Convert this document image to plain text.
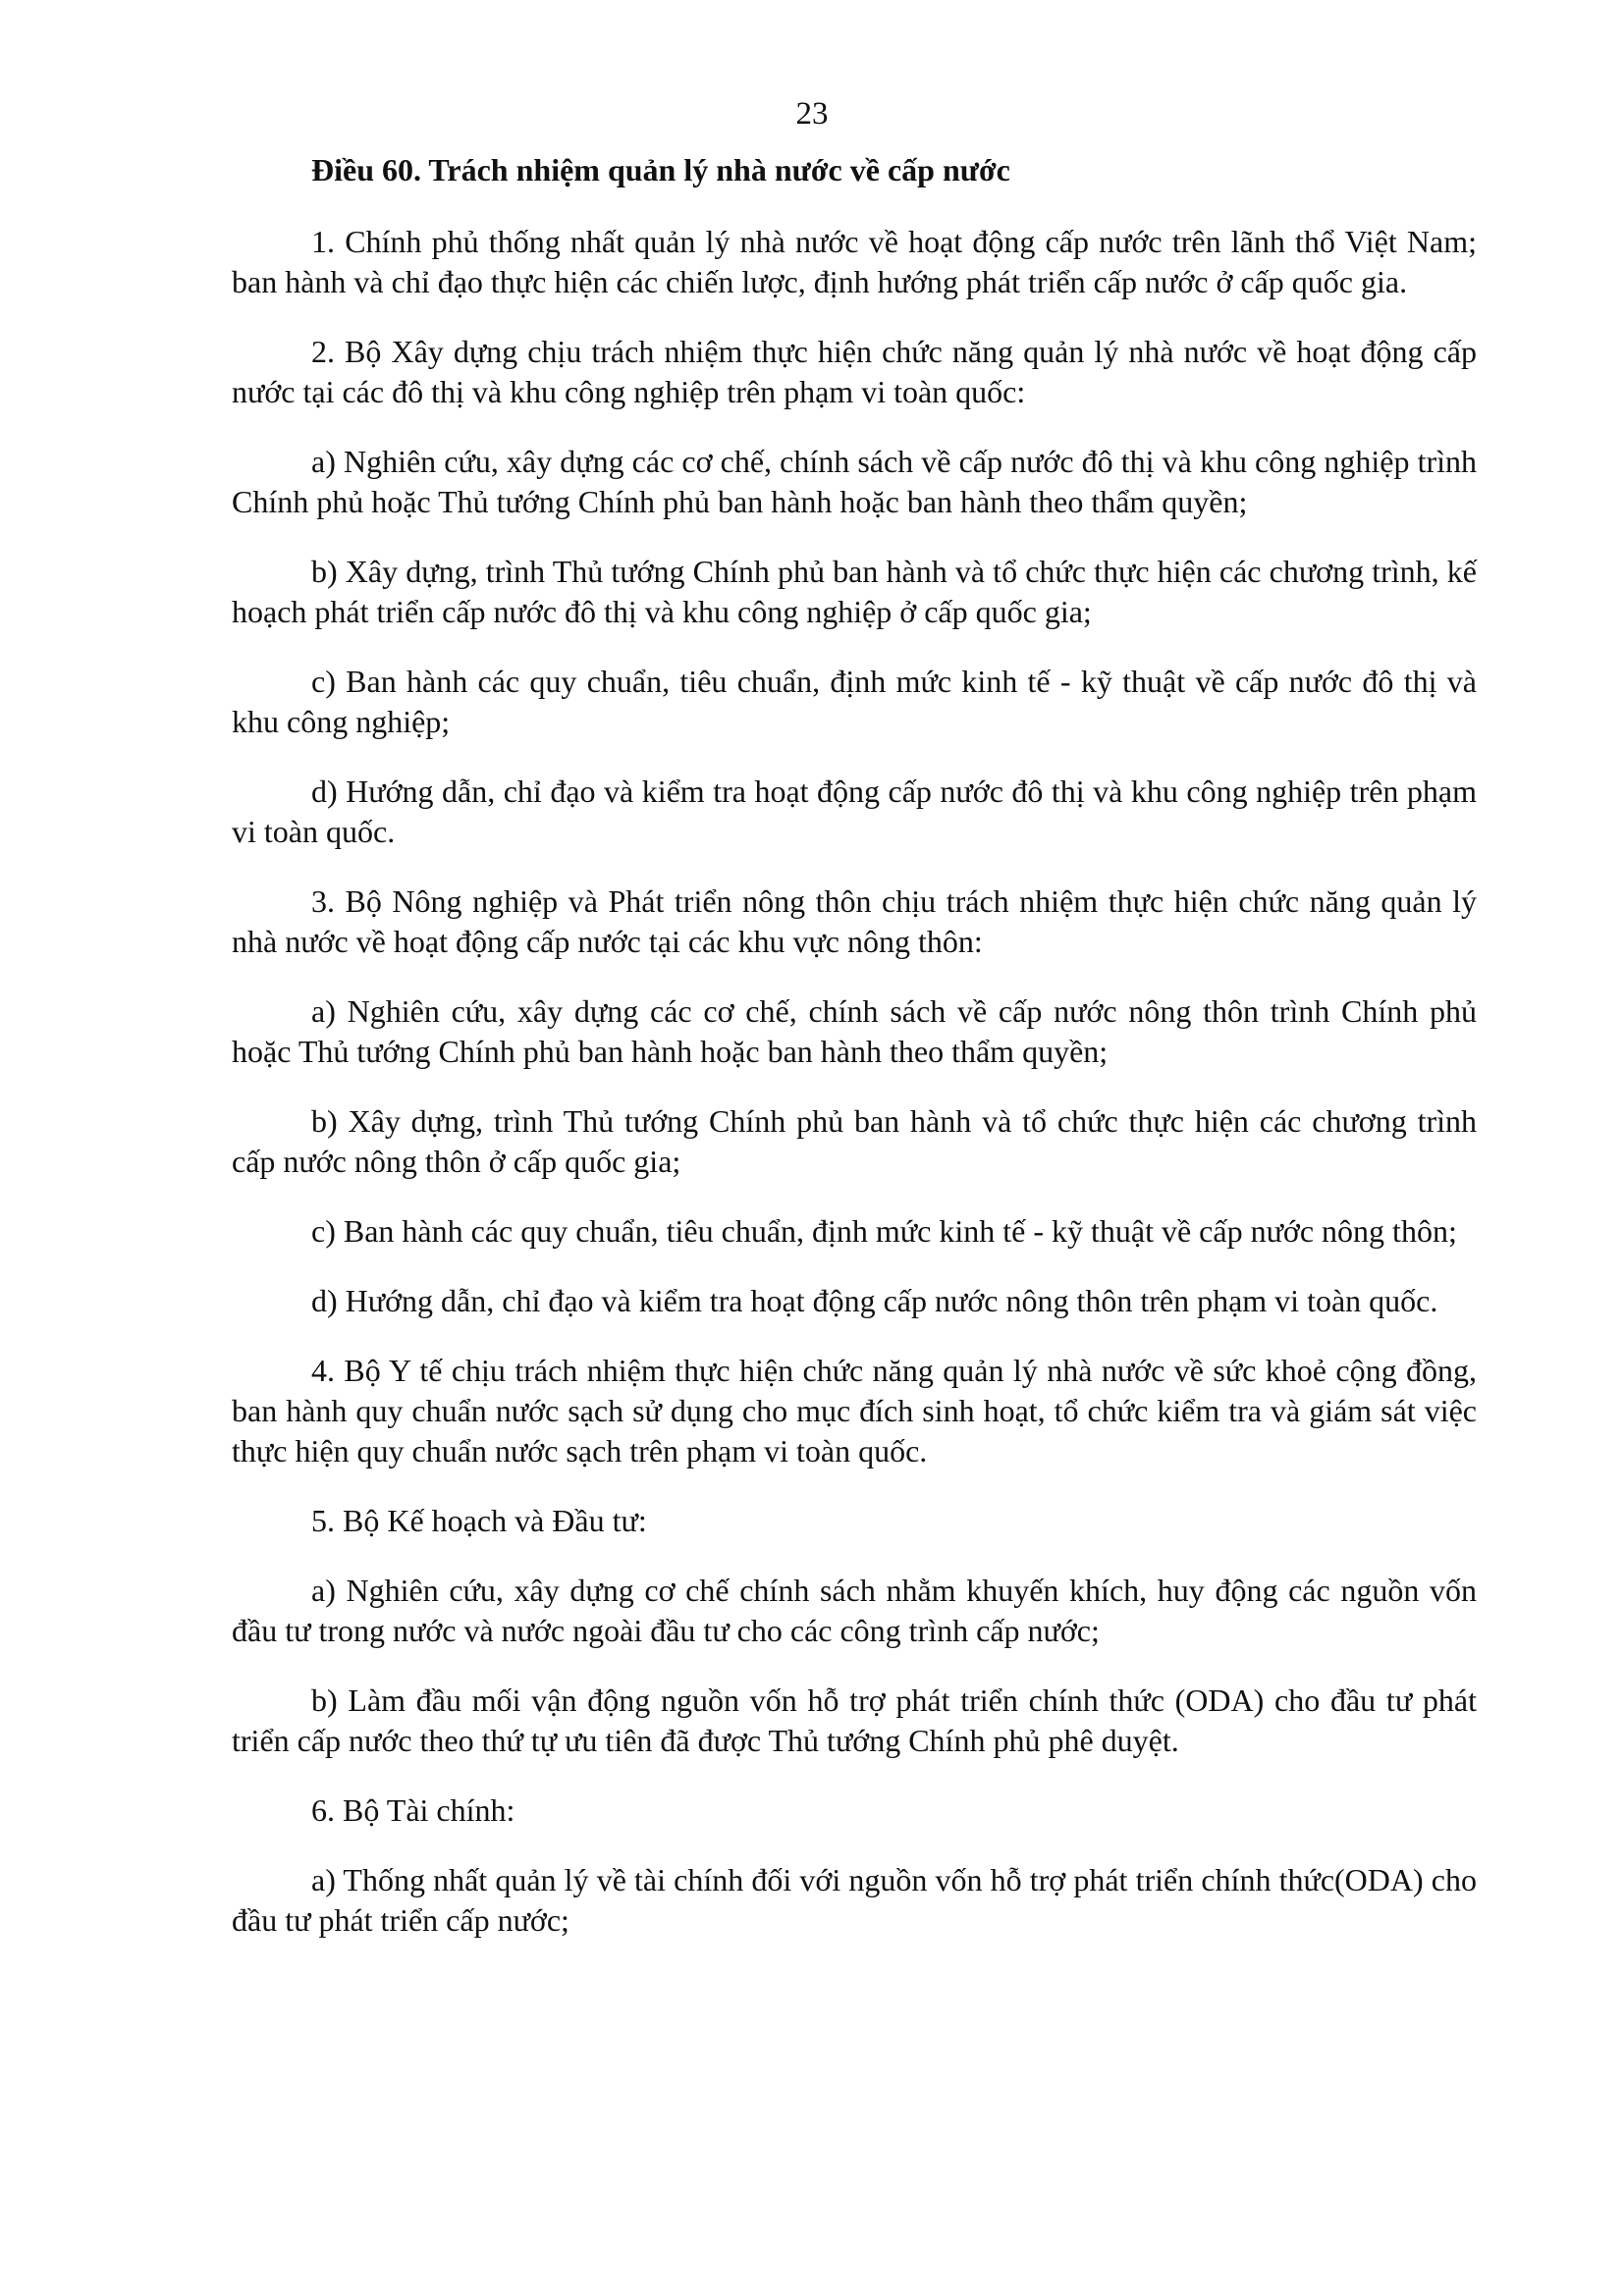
23
Điều 60. Trách nhiệm quản lý nhà nước về cấp nước

1. Chính phủ thống nhất quản lý nhà nước về hoạt động cấp nước trên lãnh thổ Việt Nam; ban hành và chỉ đạo thực hiện các chiến lược, định hướng phát triển cấp nước ở cấp quốc gia.

2. Bộ Xây dựng chịu trách nhiệm thực hiện chức năng quản lý nhà nước về hoạt động cấp nước tại các đô thị và khu công nghiệp trên phạm vi toàn quốc:

a) Nghiên cứu, xây dựng các cơ chế, chính sách về cấp nước đô thị và khu công nghiệp trình Chính phủ hoặc Thủ tướng Chính phủ ban hành hoặc ban hành theo thẩm quyền;

b) Xây dựng, trình Thủ tướng Chính phủ ban hành và tổ chức thực hiện các chương trình, kế hoạch phát triển cấp nước đô thị và khu công nghiệp ở cấp quốc gia;

c) Ban hành các quy chuẩn, tiêu chuẩn, định mức kinh tế - kỹ thuật về cấp nước đô thị và khu công nghiệp;

d) Hướng dẫn, chỉ đạo và kiểm tra hoạt động cấp nước đô thị và khu công nghiệp trên phạm vi toàn quốc.

3. Bộ Nông nghiệp và Phát triển nông thôn chịu trách nhiệm thực hiện chức năng quản lý nhà nước về hoạt động cấp nước tại các khu vực nông thôn:

a) Nghiên cứu, xây dựng các cơ chế, chính sách về cấp nước nông thôn trình Chính phủ hoặc Thủ tướng Chính phủ ban hành hoặc ban hành theo thẩm quyền;

b) Xây dựng, trình Thủ tướng Chính phủ ban hành và tổ chức thực hiện các chương trình cấp nước nông thôn ở cấp quốc gia;

c) Ban hành các quy chuẩn, tiêu chuẩn, định mức kinh tế - kỹ thuật về cấp nước nông thôn;

d) Hướng dẫn, chỉ đạo và kiểm tra hoạt động cấp nước nông thôn trên phạm vi toàn quốc.

4. Bộ Y tế chịu trách nhiệm thực hiện chức năng quản lý nhà nước về sức khoẻ cộng đồng, ban hành quy chuẩn nước sạch sử dụng cho mục đích sinh hoạt, tổ chức kiểm tra và giám sát việc thực hiện quy chuẩn nước sạch trên phạm vi toàn quốc.

5. Bộ Kế hoạch và Đầu tư:

a) Nghiên cứu, xây dựng cơ chế chính sách nhằm khuyến khích, huy động các nguồn vốn đầu tư trong nước và nước ngoài đầu tư cho các công trình cấp nước;

b) Làm đầu mối vận động nguồn vốn hỗ trợ phát triển chính thức (ODA) cho đầu tư phát triển cấp nước theo thứ tự ưu tiên đã được Thủ tướng Chính phủ phê duyệt.

6. Bộ Tài chính:

a) Thống nhất quản lý về tài chính đối với nguồn vốn hỗ trợ phát triển chính thức(ODA) cho đầu tư phát triển cấp nước;
